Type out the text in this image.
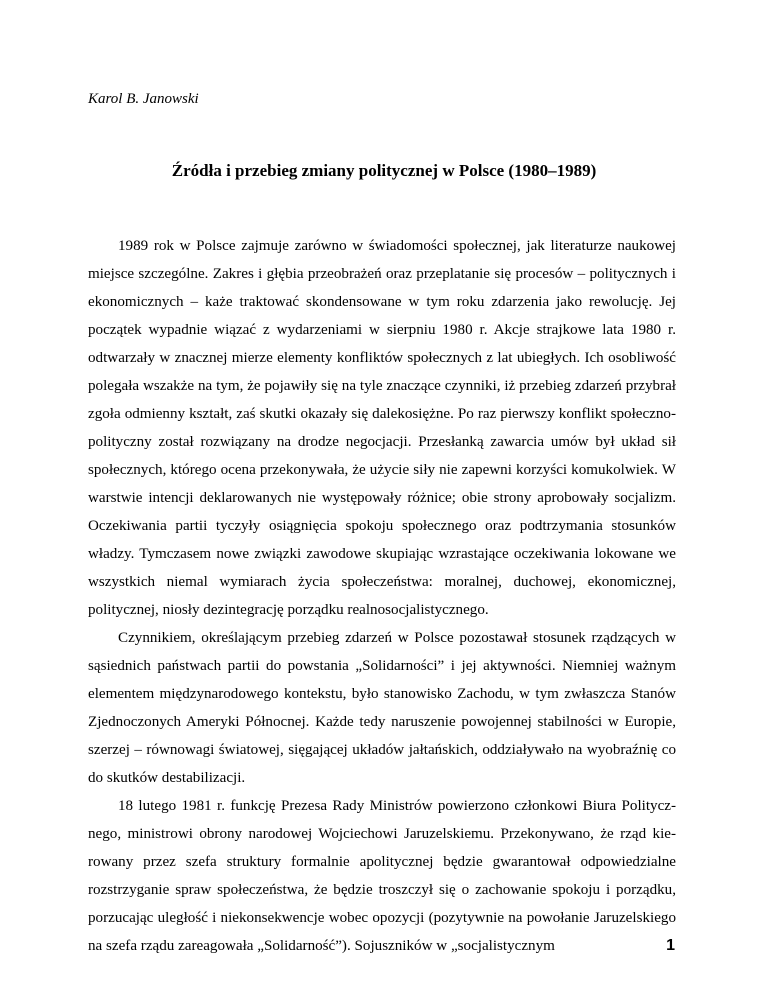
Karol B. Janowski

Źródła i przebieg zmiany politycznej w Polsce (1980–1989)

1989 rok w Polsce zajmuje zarówno w świadomości społecznej, jak literaturze naukowej miejsce szczególne. Zakres i głębia przeobrażeń oraz przeplatanie się procesów – politycznych i ekonomicznych – każe traktować skondensowane w tym roku zdarzenia jako rewolucję. Jej początek wypadnie wiązać z wydarzeniami w sierpniu 1980 r. Akcje strajkowe lata 1980 r. odtwarzały w znacznej mierze elementy konfliktów społecznych z lat ubiegłych. Ich osobliwość polegała wszakże na tym, że pojawiły się na tyle znaczące czynniki, iż przebieg zdarzeń przybrał zgoła odmienny kształt, zaś skutki okazały się dalekosiężne. Po raz pierwszy konflikt społeczno-polityczny został rozwiązany na drodze negocjacji. Przesłanką zawarcia umów był układ sił społecznych, którego ocena przekonywała, że użycie siły nie zapewni korzyści komukolwiek. W warstwie intencji deklarowanych nie występowały różnice; obie strony aprobowały socjalizm. Oczekiwania partii tyczyły osiągnięcia spokoju społecznego oraz podtrzymania stosunków władzy. Tymczasem nowe związki zawodowe skupiając wzrastające oczekiwania lokowane we wszystkich niemal wymiarach życia społeczeństwa: moralnej, duchowej, ekonomicznej, politycznej, niosły dezintegrację porządku realnosocjalistycznego.

Czynnikiem, określającym przebieg zdarzeń w Polsce pozostawał stosunek rządzących w sąsiednich państwach partii do powstania „Solidarności” i jej aktywności. Niemniej ważnym elementem międzynarodowego kontekstu, było stanowisko Zachodu, w tym zwłaszcza Stanów Zjednoczonych Ameryki Północnej. Każde tedy naruszenie powojennej stabilności w Europie, szerzej – równowagi światowej, sięgającej układów jałtańskich, oddziaływało na wyobraźnię co do skutków destabilizacji.

18 lutego 1981 r. funkcję Prezesa Rady Ministrów powierzono członkowi Biura Politycznego, ministrowi obrony narodowej Wojciechowi Jaruzelskiemu. Przekonywano, że rząd kierowany przez szefa struktury formalnie apolitycznej będzie gwarantował odpowiedzialne rozstrzyganie spraw społeczeństwa, że będzie troszczył się o zachowanie spokoju i porządku, porzucając uległość i niekonsekwencje wobec opozycji (pozytywnie na powołanie Jaruzelskiego na szefa rządu zareagowała „Solidarność”). Sojuszników w „socjalistycznym	1
